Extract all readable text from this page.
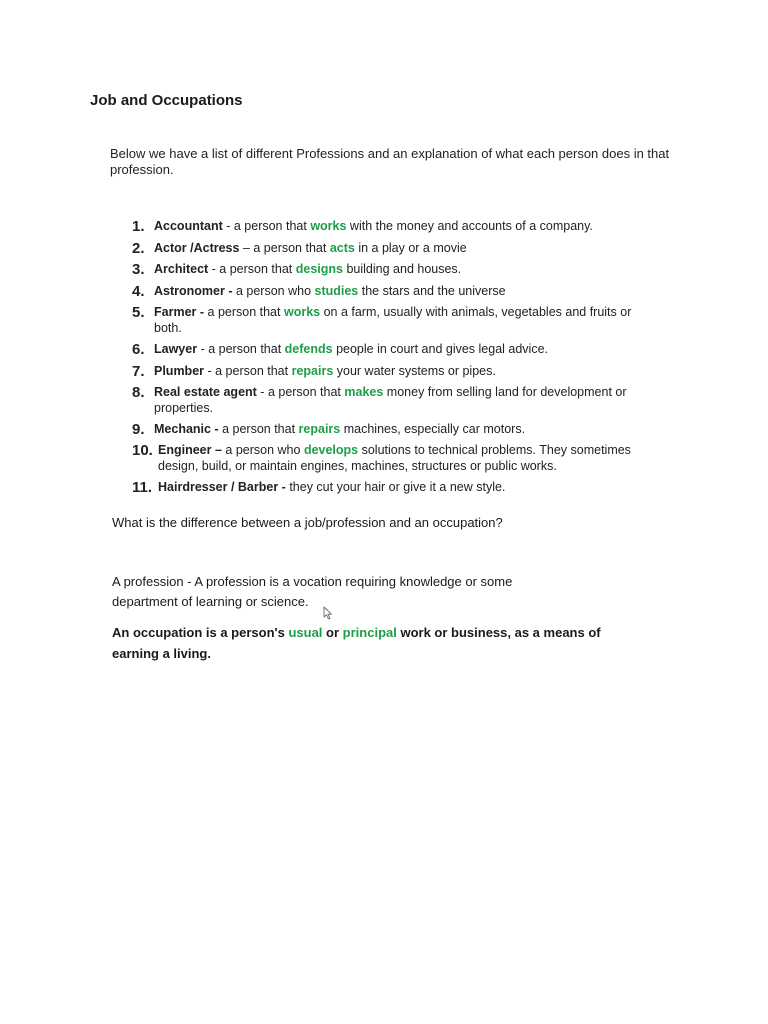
Job and Occupations

Below we have a list of different Professions and an explanation of what each person does in that profession.

1. Accountant - a person that works with the money and accounts of a company.
2. Actor /Actress – a person that acts in a play or a movie
3. Architect - a person that designs building and houses.
4. Astronomer - a person who studies the stars and the universe
5. Farmer - a person that works on a farm, usually with animals, vegetables and fruits or both.
6. Lawyer - a person that defends people in court and gives legal advice.
7. Plumber - a person that repairs your water systems or pipes.
8. Real estate agent - a person that makes money from selling land for development or properties.
9. Mechanic - a person that repairs machines, especially car motors.
10. Engineer – a person who develops solutions to technical problems. They sometimes design, build, or maintain engines, machines, structures or public works.
11. Hairdresser / Barber - they cut your hair or give it a new style.

What is the difference between a job/profession and an occupation?

A profession - A profession is a vocation requiring knowledge or some department of learning or science.

An occupation is a person's usual or principal work or business, as a means of earning a living.
